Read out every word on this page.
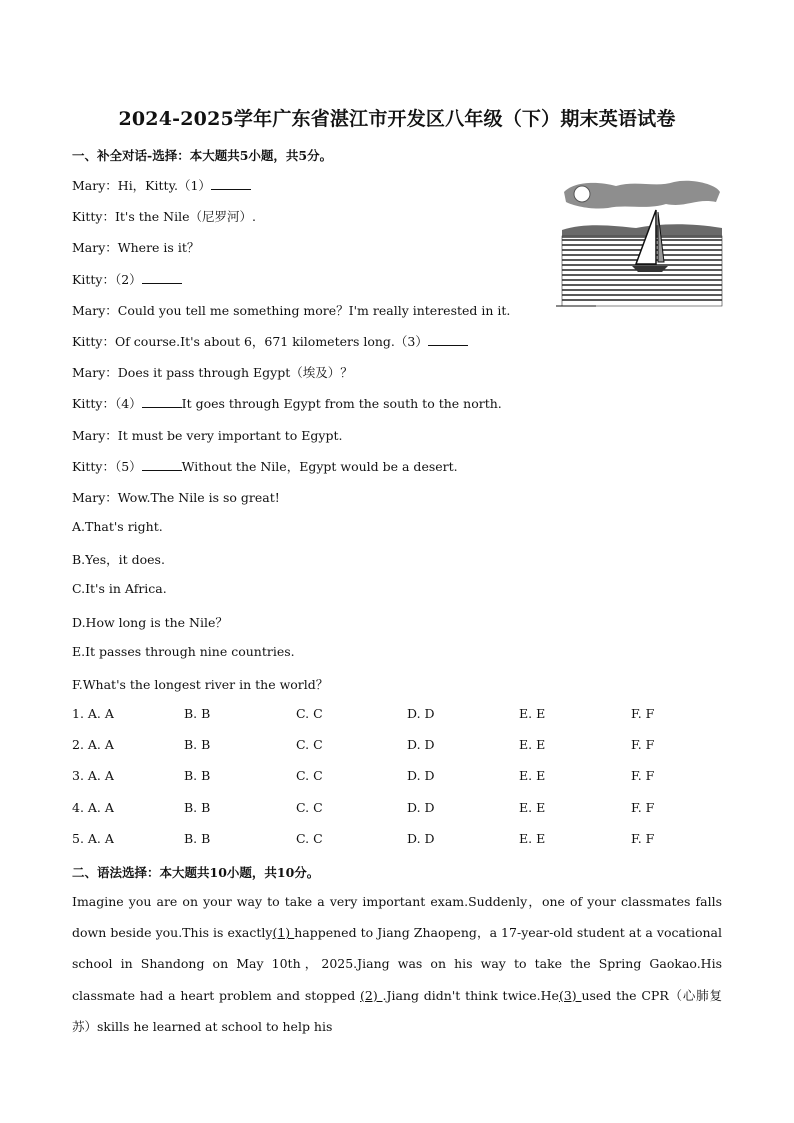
2024-2025学年广东省湛江市开发区八年级（下）期末英语试卷
一、补全对话-选择：本大题共5小题，共5分。
Mary：Hi，Kitty.（1）
Kitty：It's the Nile（尼罗河）.
Mary：Where is it？
Kitty：（2）
Mary：Could you tell me something more？I'm really interested in it.
Kitty：Of course.It's about 6，671 kilometers long.（3）
Mary：Does it pass through Egypt（埃及）？
Kitty：（4）	It goes through Egypt from the south to the north.
Mary：It must be very important to Egypt.
Kitty：（5）	Without the Nile，Egypt would be a desert.
Mary：Wow.The Nile is so great!
A.That's right.
B.Yes，it does.
C.It's in Africa.
D.How long is the Nile？
E.It passes through nine countries.
F.What's the longest river in the world？
1. A. A	B. B	C. C	D. D	E. E	F. F
2. A. A	B. B	C. C	D. D	E. E	F. F
3. A. A	B. B	C. C	D. D	E. E	F. F
4. A. A	B. B	C. C	D. D	E. E	F. F
5. A. A	B. B	C. C	D. D	E. E	F. F
二、语法选择：本大题共10小题，共10分。
Imagine you are on your way to take a very important exam.Suddenly，one of your classmates falls down beside you.This is exactly(1) happened to Jiang Zhaopeng，a 17-year-old student at a vocational school in Shandong on May 10th，2025.Jiang was on his way to take the Spring Gaokao.His classmate had a heart problem and stopped (2) .Jiang didn't think twice.He(3) used the CPR（心肺复苏）skills he learned at school to help his
